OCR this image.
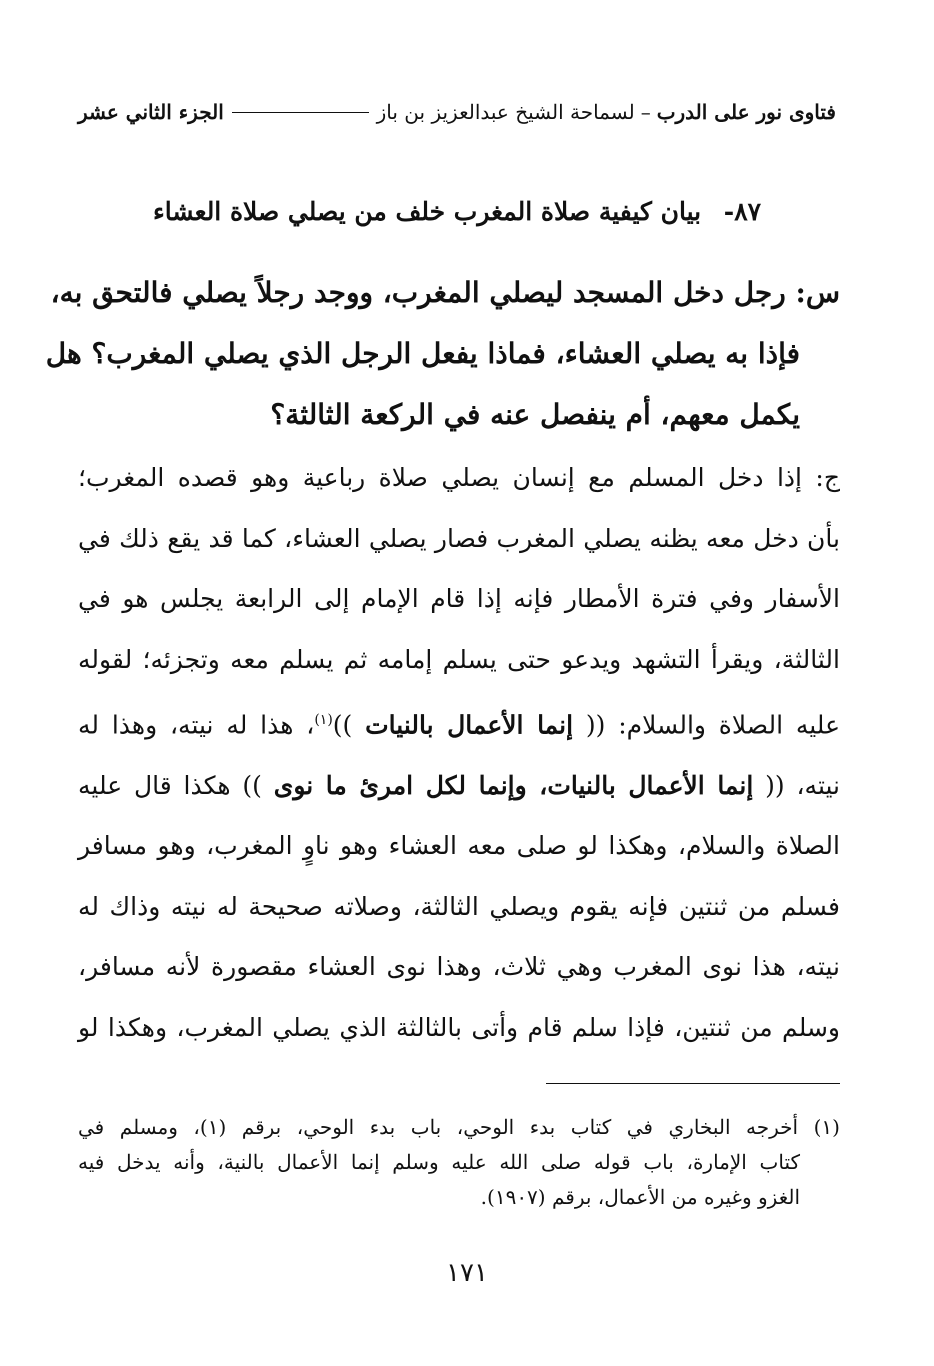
فتاوى نور على الدرب
–
لسماحة الشيخ عبدالعزيز بن باز
الجزء الثاني عشر
٨٧- بيان كيفية صلاة المغرب خلف من يصلي صلاة العشاء
س: رجل دخل المسجد ليصلي المغرب، ووجد رجلاً يصلي فالتحق به،
فإذا به يصلي العشاء، فماذا يفعل الرجل الذي يصلي المغرب؟ هل
يكمل معهم، أم ينفصل عنه في الركعة الثالثة؟
ج: إذا دخل المسلم مع إنسان يصلي صلاة رباعية وهو قصده المغرب؛
بأن دخل معه يظنه يصلي المغرب فصار يصلي العشاء، كما قد يقع ذلك في
الأسفار وفي فترة الأمطار فإنه إذا قام الإمام إلى الرابعة يجلس هو في
الثالثة، ويقرأ التشهد ويدعو حتى يسلم إمامه ثم يسلم معه وتجزئه؛ لقوله
عليه الصلاة والسلام: (( إنما الأعمال بالنيات ))$^{(١)}$، هذا له نيته، وهذا له
نيته، (( إنما الأعمال بالنيات، وإنما لكل امرئ ما نوى )) هكذا قال عليه
الصلاة والسلام، وهكذا لو صلى معه العشاء وهو ناوٍ المغرب، وهو مسافر
فسلم من ثنتين فإنه يقوم ويصلي الثالثة، وصلاته صحيحة له نيته وذاك له
نيته، هذا نوى المغرب وهي ثلاث، وهذا نوى العشاء مقصورة لأنه مسافر،
وسلم من ثنتين، فإذا سلم قام وأتى بالثالثة الذي يصلي المغرب، وهكذا لو
(١) أخرجه البخاري في كتاب بدء الوحي، باب بدء الوحي، برقم (١)، ومسلم في
كتاب الإمارة، باب قوله صلى الله عليه وسلم إنما الأعمال بالنية، وأنه يدخل فيه
الغزو وغيره من الأعمال، برقم (١٩٠٧).
١٧١
